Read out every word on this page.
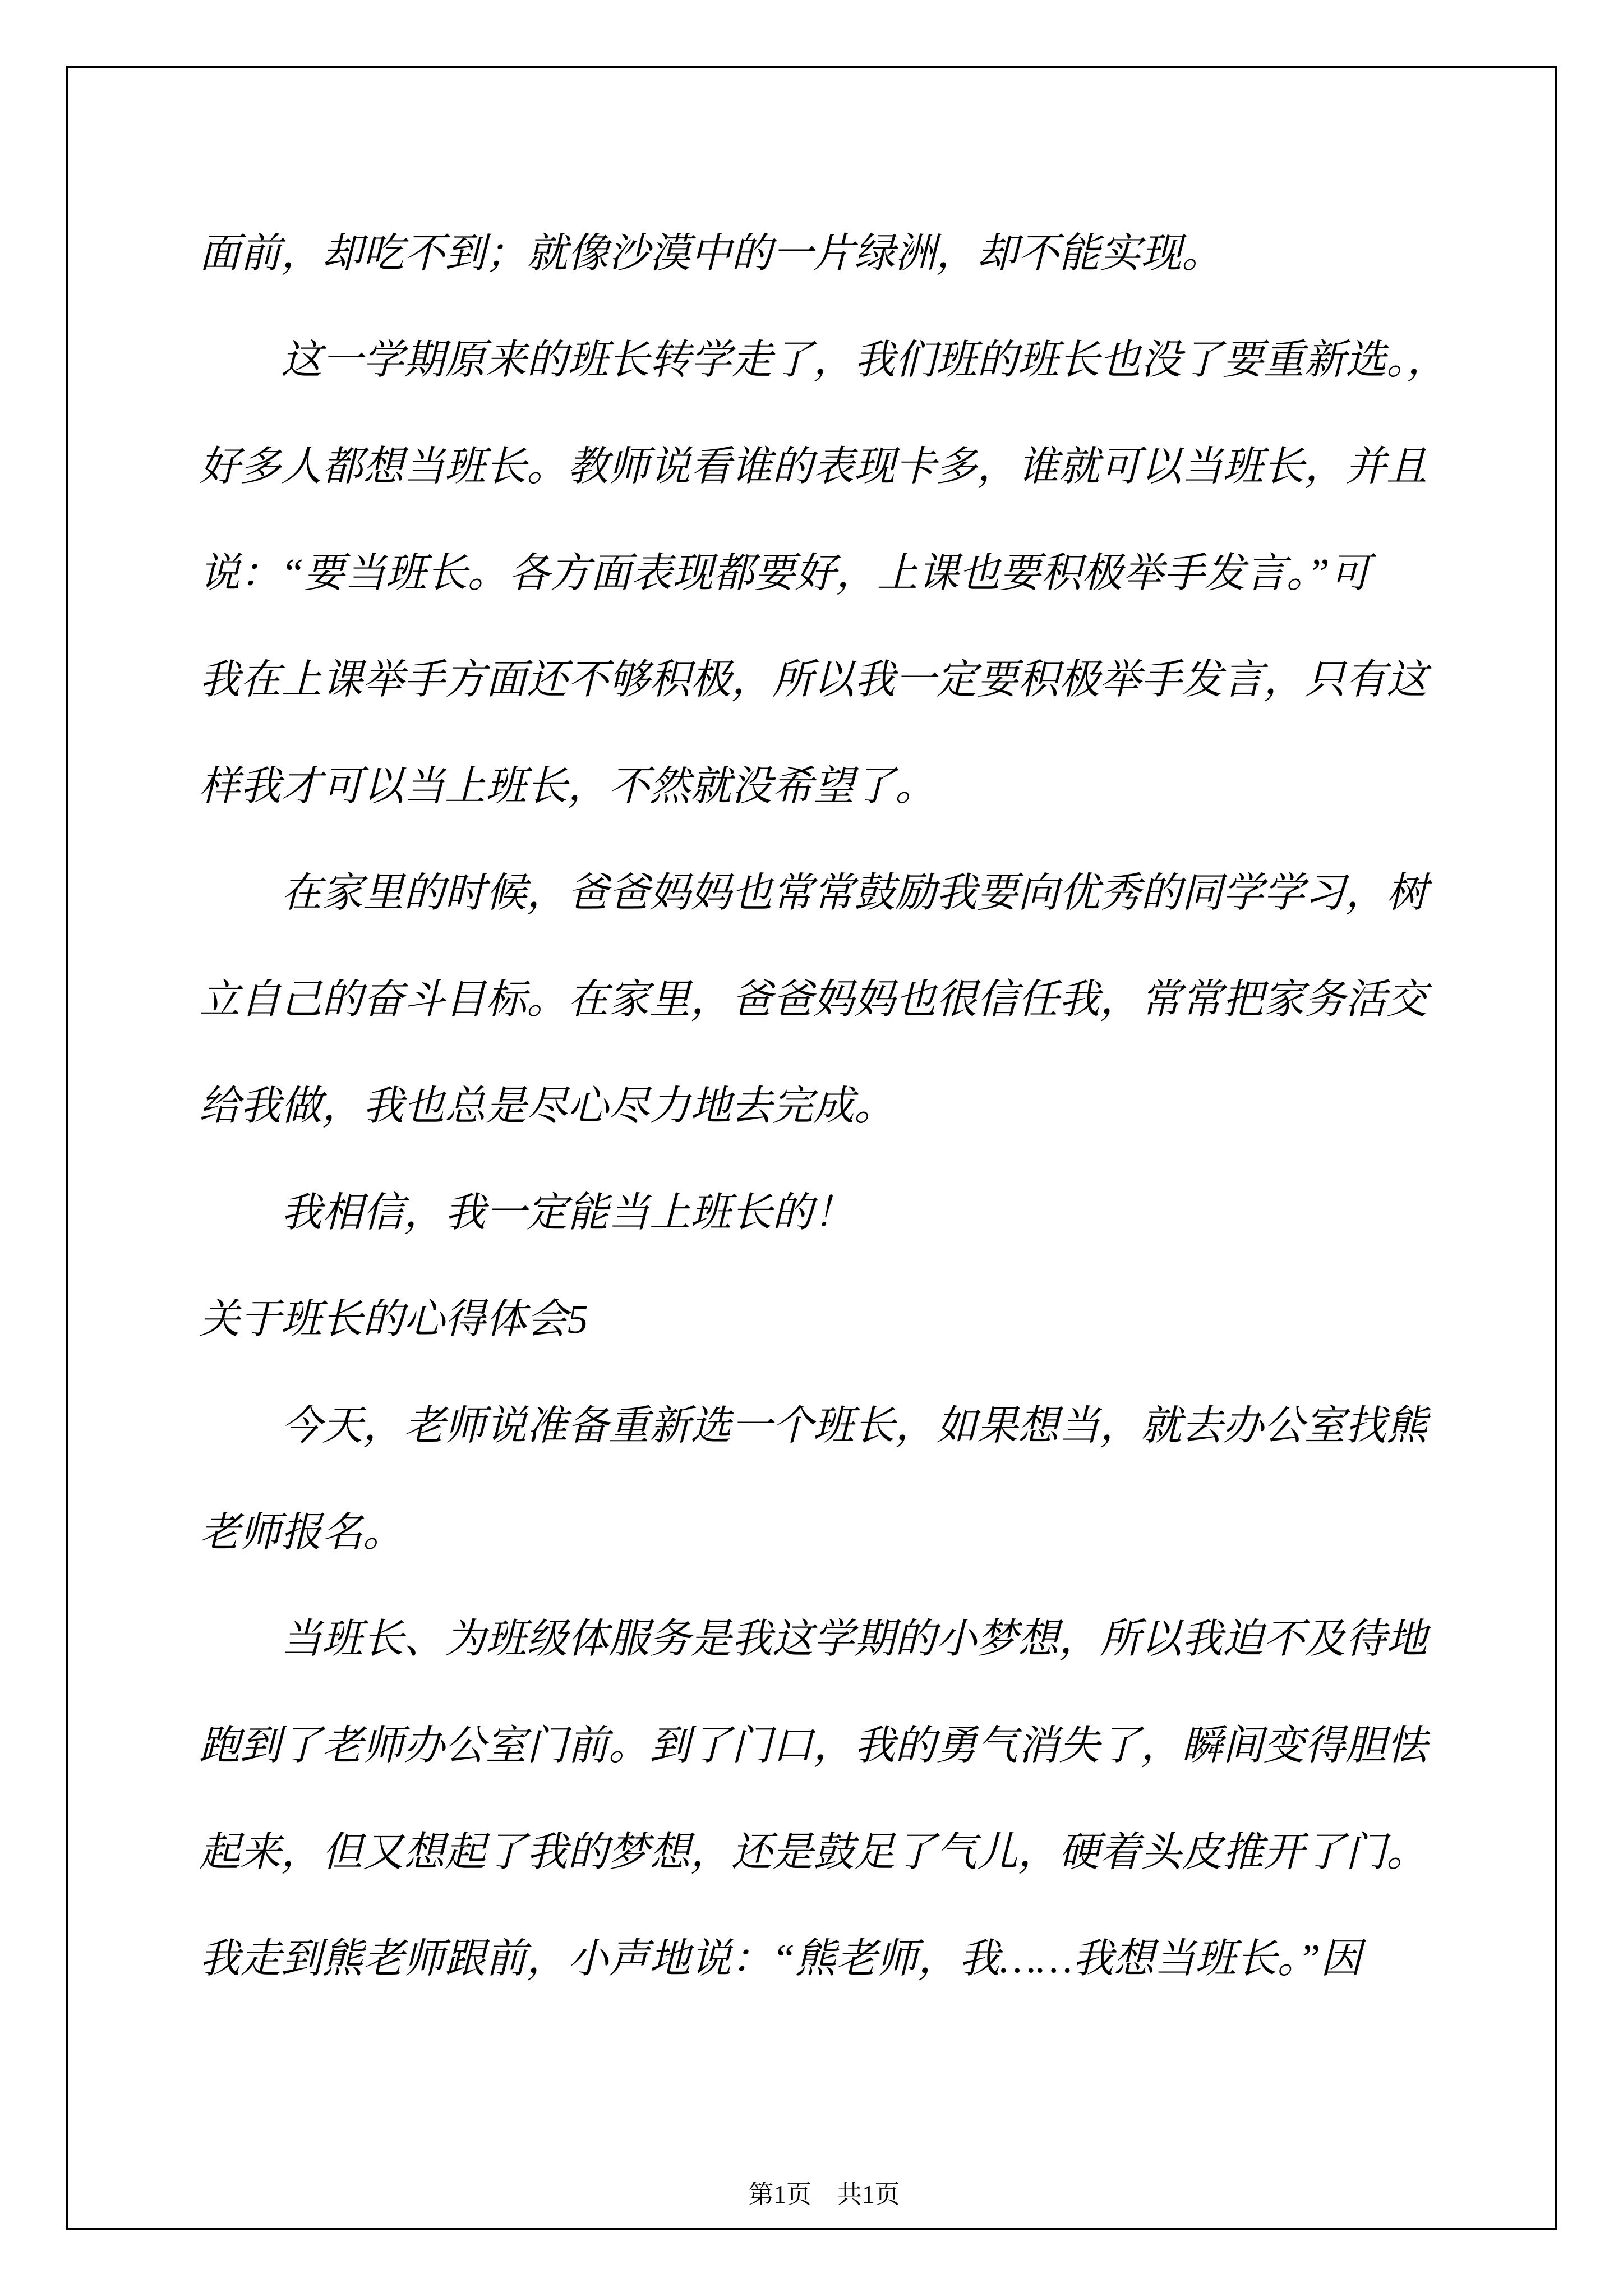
面前，却吃不到；就像沙漠中的一片绿洲，却不能实现。
这一学期原来的班长转学走了，我们班的班长也没了要重新选。，
好多人都想当班长。教师说看谁的表现卡多，谁就可以当班长，并且
说：“要当班长。各方面表现都要好，上课也要积极举手发言。”可
我在上课举手方面还不够积极，所以我一定要积极举手发言，只有这
样我才可以当上班长，不然就没希望了。
在家里的时候，爸爸妈妈也常常鼓励我要向优秀的同学学习，树
立自己的奋斗目标。在家里，爸爸妈妈也很信任我，常常把家务活交
给我做，我也总是尽心尽力地去完成。
我相信，我一定能当上班长的！
关于班长的心得体会5
今天，老师说准备重新选一个班长，如果想当，就去办公室找熊
老师报名。
当班长、为班级体服务是我这学期的小梦想，所以我迫不及待地
跑到了老师办公室门前。到了门口，我的勇气消失了，瞬间变得胆怯
起来，但又想起了我的梦想，还是鼓足了气儿，硬着头皮推开了门。
我走到熊老师跟前，小声地说：“熊老师，我……我想当班长。”因

第1页　共1页
